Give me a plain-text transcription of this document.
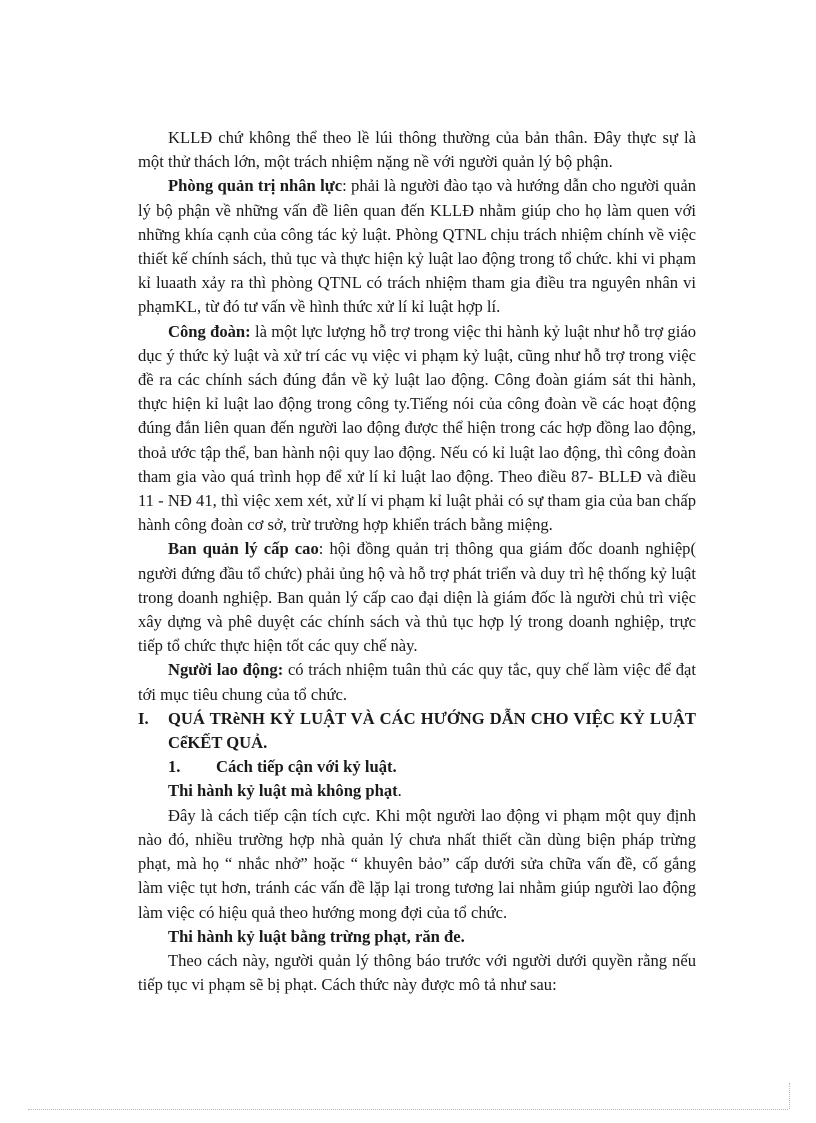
KLLĐ chứ không thể theo lề lúi thông thường của bản thân. Đây thực sự là một thử thách lớn, một trách nhiệm nặng nề với người quản lý bộ phận.

Phòng quản trị nhân lực: phải là người đào tạo và hướng dẫn cho người quản lý bộ phận về những vấn đề liên quan đến KLLĐ nhằm giúp cho họ làm quen với những khía cạnh của công tác kỷ luật. Phòng QTNL chịu trách nhiệm chính về việc thiết kế chính sách, thủ tục và thực hiện kỷ luật lao động trong tổ chức. khi vi phạm kỉ luaath xảy ra thì phòng QTNL có trách nhiệm tham gia điều tra nguyên nhân vi phạmKL, từ đó tư vấn về hình thức xử lí kỉ luật hợp lí.

Công đoàn: là một lực lượng hỗ trợ trong việc thi hành kỷ luật như hỗ trợ giáo dục ý thức kỷ luật và xử trí các vụ việc vi phạm kỷ luật, cũng như hỗ trợ trong việc đề ra các chính sách đúng đắn về kỷ luật lao động. Công đoàn giám sát thi hành, thực hiện kỉ luật lao động trong công ty.Tiếng nói của công đoàn về các hoạt động đúng đắn liên quan đến người lao động được thể hiện trong các hợp đồng lao động, thoả ước tập thể, ban hành nội quy lao động. Nếu có kỉ luật lao động, thì công đoàn tham gia vào quá trình họp để xử lí kỉ luật lao động. Theo điều 87- BLLĐ và điều 11 - NĐ 41, thì việc xem xét, xử lí vi phạm kỉ luật phải có sự tham gia của ban chấp hành công đoàn cơ sở, trừ trường hợp khiển trách bằng miệng.

Ban quản lý cấp cao: hội đồng quản trị thông qua giám đốc doanh nghiệp( người đứng đầu tổ chức) phải ủng hộ và hỗ trợ phát triển và duy trì hệ thống kỷ luật trong doanh nghiệp. Ban quản lý cấp cao đại diện là giám đốc là người chủ trì việc xây dựng và phê duyệt các chính sách và thủ tục hợp lý trong doanh nghiệp, trực tiếp tổ chức thực hiện tốt các quy chế này.

Người lao động: có trách nhiệm tuân thủ các quy tắc, quy chế làm việc để đạt tới mục tiêu chung của tổ chức.

I.	QUÁ TRèNH KỶ LUẬT VÀ CÁC HƯỚNG DẪN CHO VIỆC KỶ LUẬT CểKẾT QUẢ.
1.	Cách tiếp cận với kỷ luật.

Thi hành kỷ luật mà không phạt.

Đây là cách tiếp cận tích cực. Khi một người lao động vi phạm một quy định nào đó, nhiều trường hợp nhà quản lý chưa nhất thiết cần dùng biện pháp trừng phạt, mà họ “ nhắc nhở” hoặc “ khuyên bảo” cấp dưới sửa chữa vấn đề, cố gắng làm việc tụt hơn, tránh các vấn đề lặp lại trong tương lai nhằm giúp người lao động làm việc có hiệu quả theo hướng mong đợi của tổ chức.

Thi hành kỷ luật bằng trừng phạt, răn đe.

Theo cách này, người quản lý thông báo trước với người dưới quyền rằng nếu tiếp tục vi phạm sẽ bị phạt. Cách thức này được mô tả như sau:
